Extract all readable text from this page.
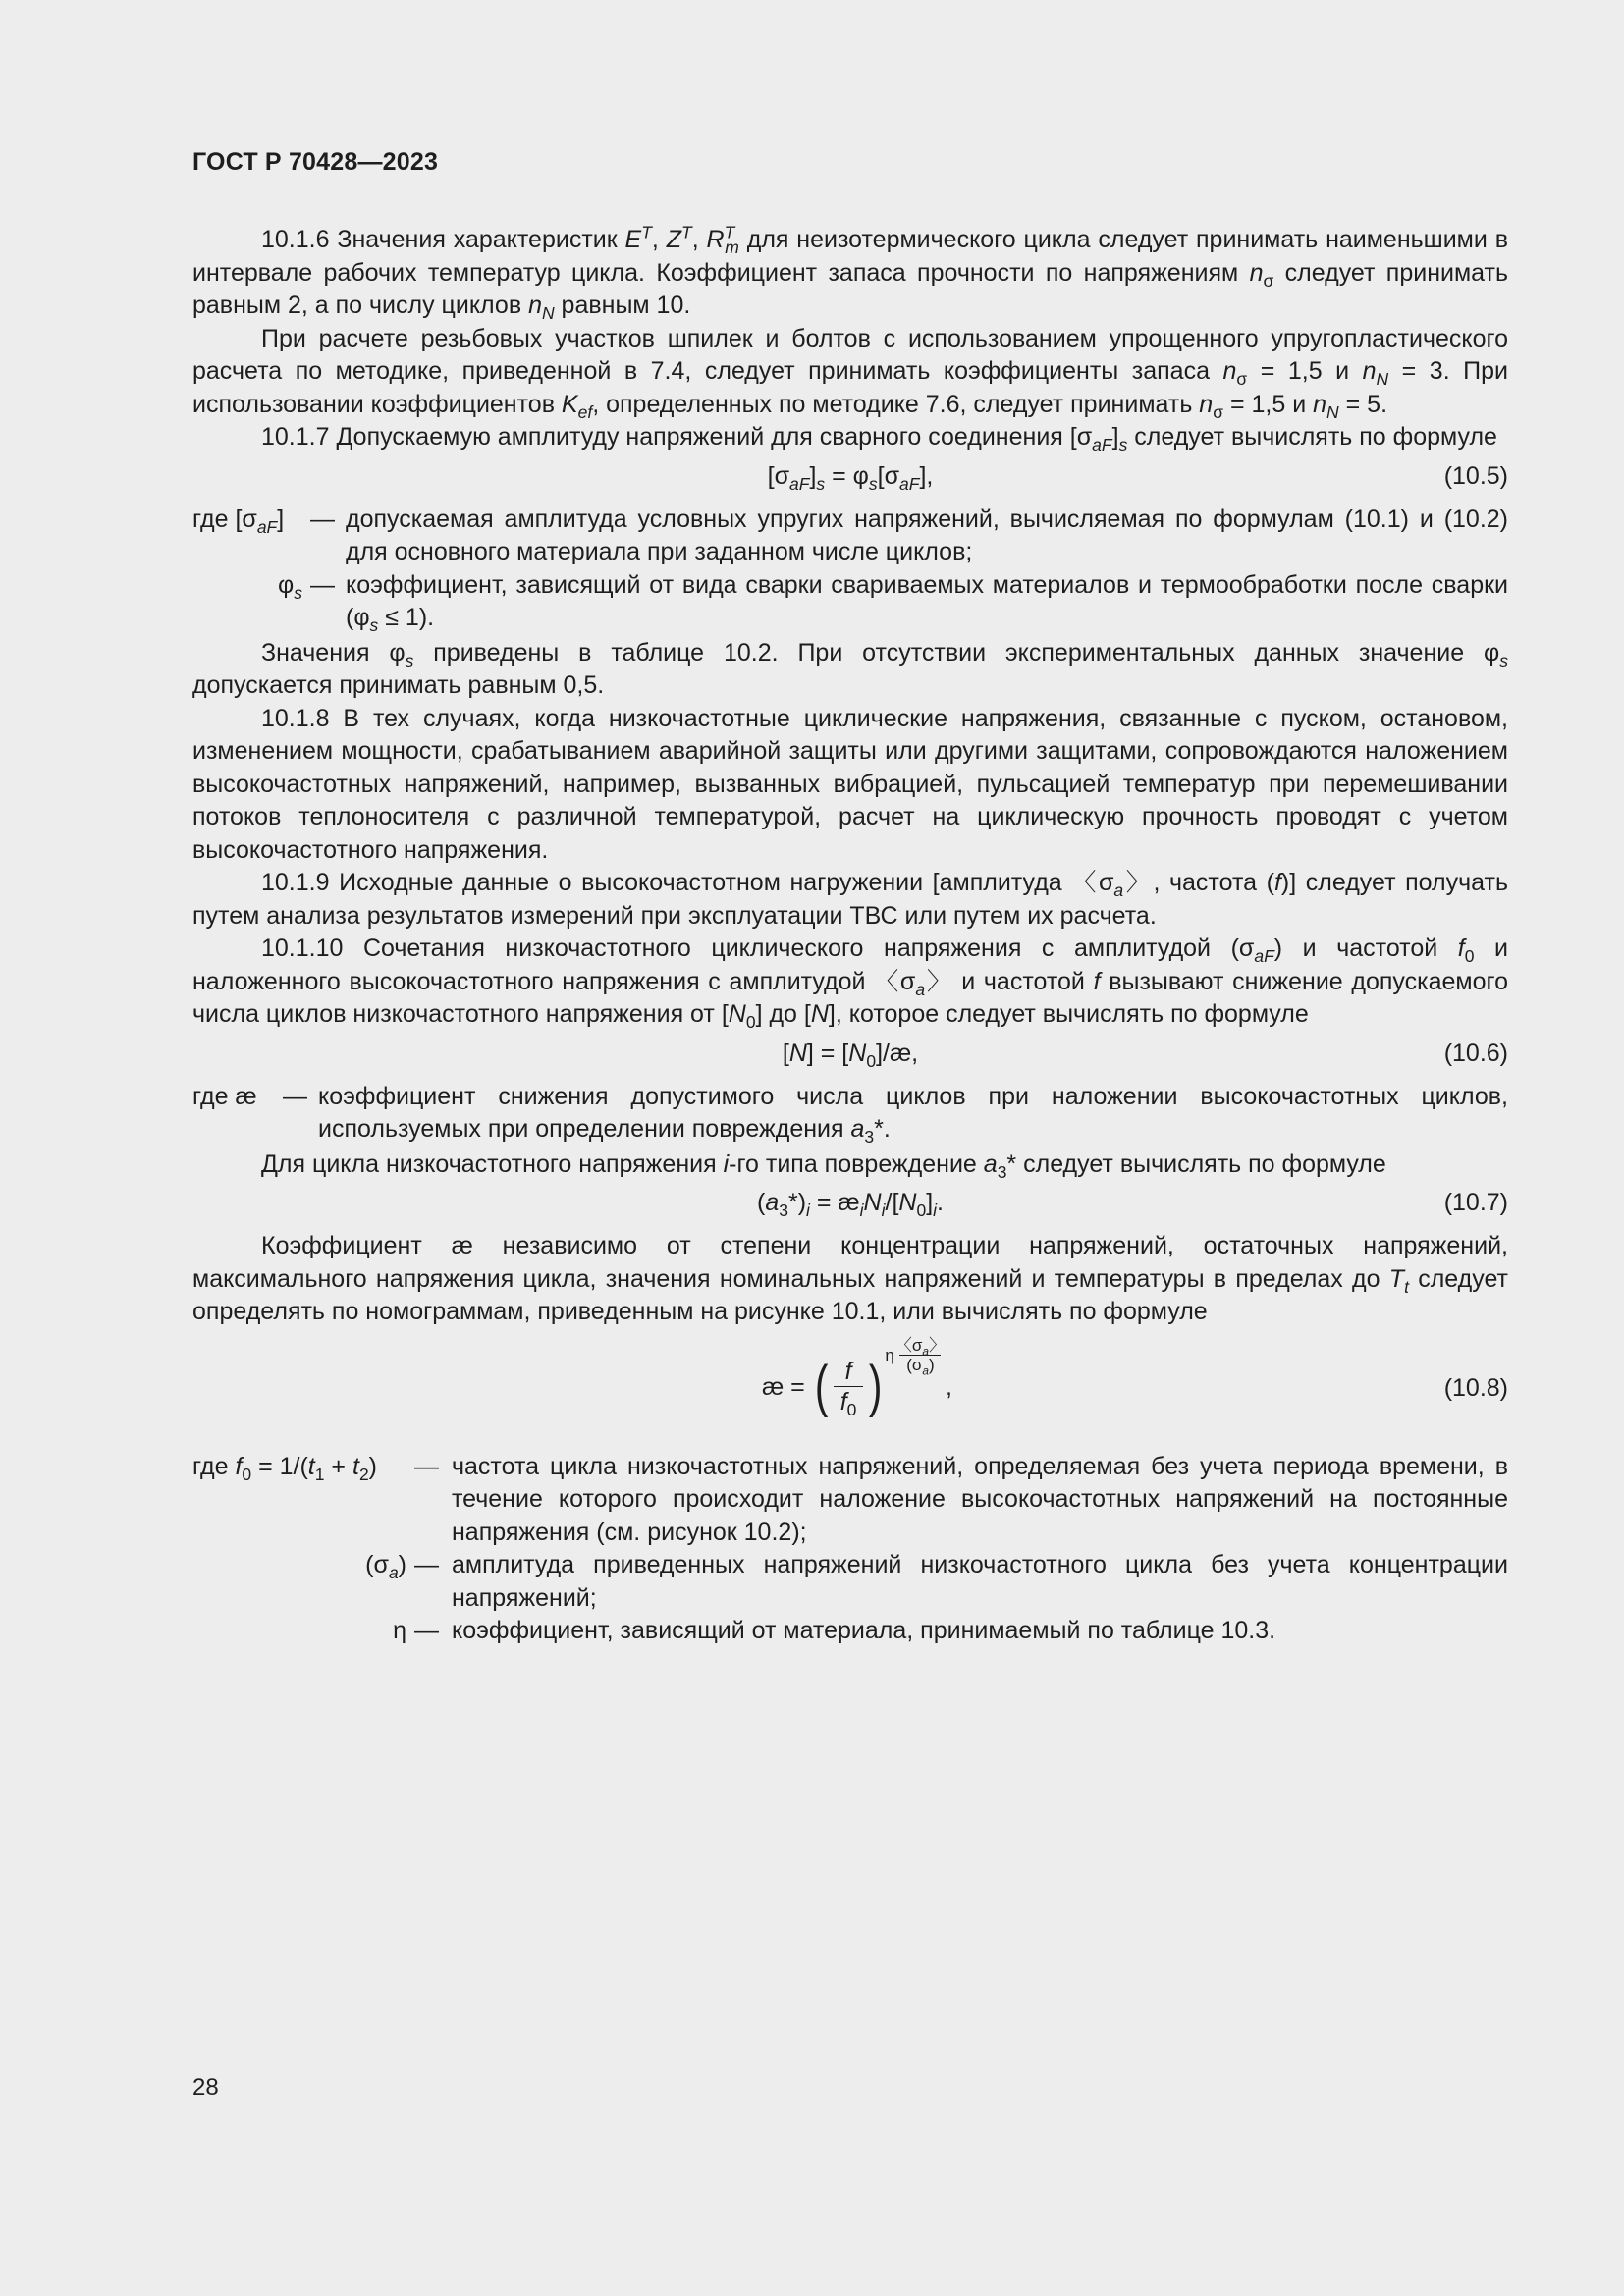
ГОСТ Р 70428—2023

10.1.6 Значения характеристик $E^T$, $Z^T$, $R^T_m$ для неизотермического цикла следует принимать наименьшими в интервале рабочих температур цикла. Коэффициент запаса прочности по напряжениям $n_\sigma$ следует принимать равным 2, а по числу циклов $n_N$ равным 10.

При расчете резьбовых участков шпилек и болтов с использованием упрощенного упругопластического расчета по методике, приведенной в 7.4, следует принимать коэффициенты запаса $n_\sigma = 1,5$ и $n_N = 3$. При использовании коэффициентов $K_{ef}$, определенных по методике 7.6, следует принимать $n_\sigma = 1,5$ и $n_N = 5$.

10.1.7 Допускаемую амплитуду напряжений для сварного соединения $[\sigma_{aF}]_s$ следует вычислять по формуле

$[\sigma_{aF}]_s = \varphi_s[\sigma_{aF}]$,	(10.5)
где $[\sigma_{aF}]$	— допускаемая амплитуда условных упругих напряжений, вычисляемая по формулам (10.1) и (10.2) для основного материала при заданном числе циклов;
$\varphi_s$ — коэффициент, зависящий от вида сварки свариваемых материалов и термообработки после сварки $(\varphi_s \le 1)$.

Значения $\varphi_s$ приведены в таблице 10.2. При отсутствии экспериментальных данных значение $\varphi_s$ допускается принимать равным 0,5.

10.1.8 В тех случаях, когда низкочастотные циклические напряжения, связанные с пуском, остановом, изменением мощности, срабатыванием аварийной защиты или другими защитами, сопровождаются наложением высокочастотных напряжений, например, вызванных вибрацией, пульсацией температур при перемешивании потоков теплоносителя с различной температурой, расчет на циклическую прочность проводят с учетом высокочастотного напряжения.

10.1.9 Исходные данные о высокочастотном нагружении [амплитуда 〈$\sigma_a$〉, частота (f)] следует получать путем анализа результатов измерений при эксплуатации ТВС или путем их расчета.

10.1.10 Сочетания низкочастотного циклического напряжения с амплитудой $(\sigma_{aF})$ и частотой $f_0$ и наложенного высокочастотного напряжения с амплитудой 〈$\sigma_a$〉 и частотой f вызывают снижение допускаемого числа циклов низкочастотного напряжения от $[N_0]$ до [N], которое следует вычислять по формуле

$[N] = [N_0]/æ$,	(10.6)
где æ	— коэффициент снижения допустимого числа циклов при наложении высокочастотных циклов, используемых при определении повреждения $a_3*$.

Для цикла низкочастотного напряжения i-го типа повреждение $a_3*$ следует вычислять по формуле

$(a_3*)_i$ = $æ_iN_i/[N_0]_i$.	(10.7)

Коэффициент æ независимо от степени концентрации напряжений, остаточных напряжений, максимального напряжения цикла, значения номинальных напряжений и температуры в пределах до $T_t$ следует определять по номограммам, приведенным на рисунке 10.1, или вычислять по формуле

æ = ( $\frac{f}{f_0}$ ) η 〈$\sigma_a$〉
$(\sigma_a)$
,	(10.8)
где $f_0 = 1/(t_1 + t_2)$	— частота цикла низкочастотных напряжений, определяемая без учета периода времени, в течение которого происходит наложение высокочастотных напряжений на постоянные напряжения (см. рисунок 10.2);
$(\sigma_a)$ — амплитуда приведенных напряжений низкочастотного цикла без учета концентрации напряжений;
η — коэффициент, зависящий от материала, принимаемый по таблице 10.3.
28
